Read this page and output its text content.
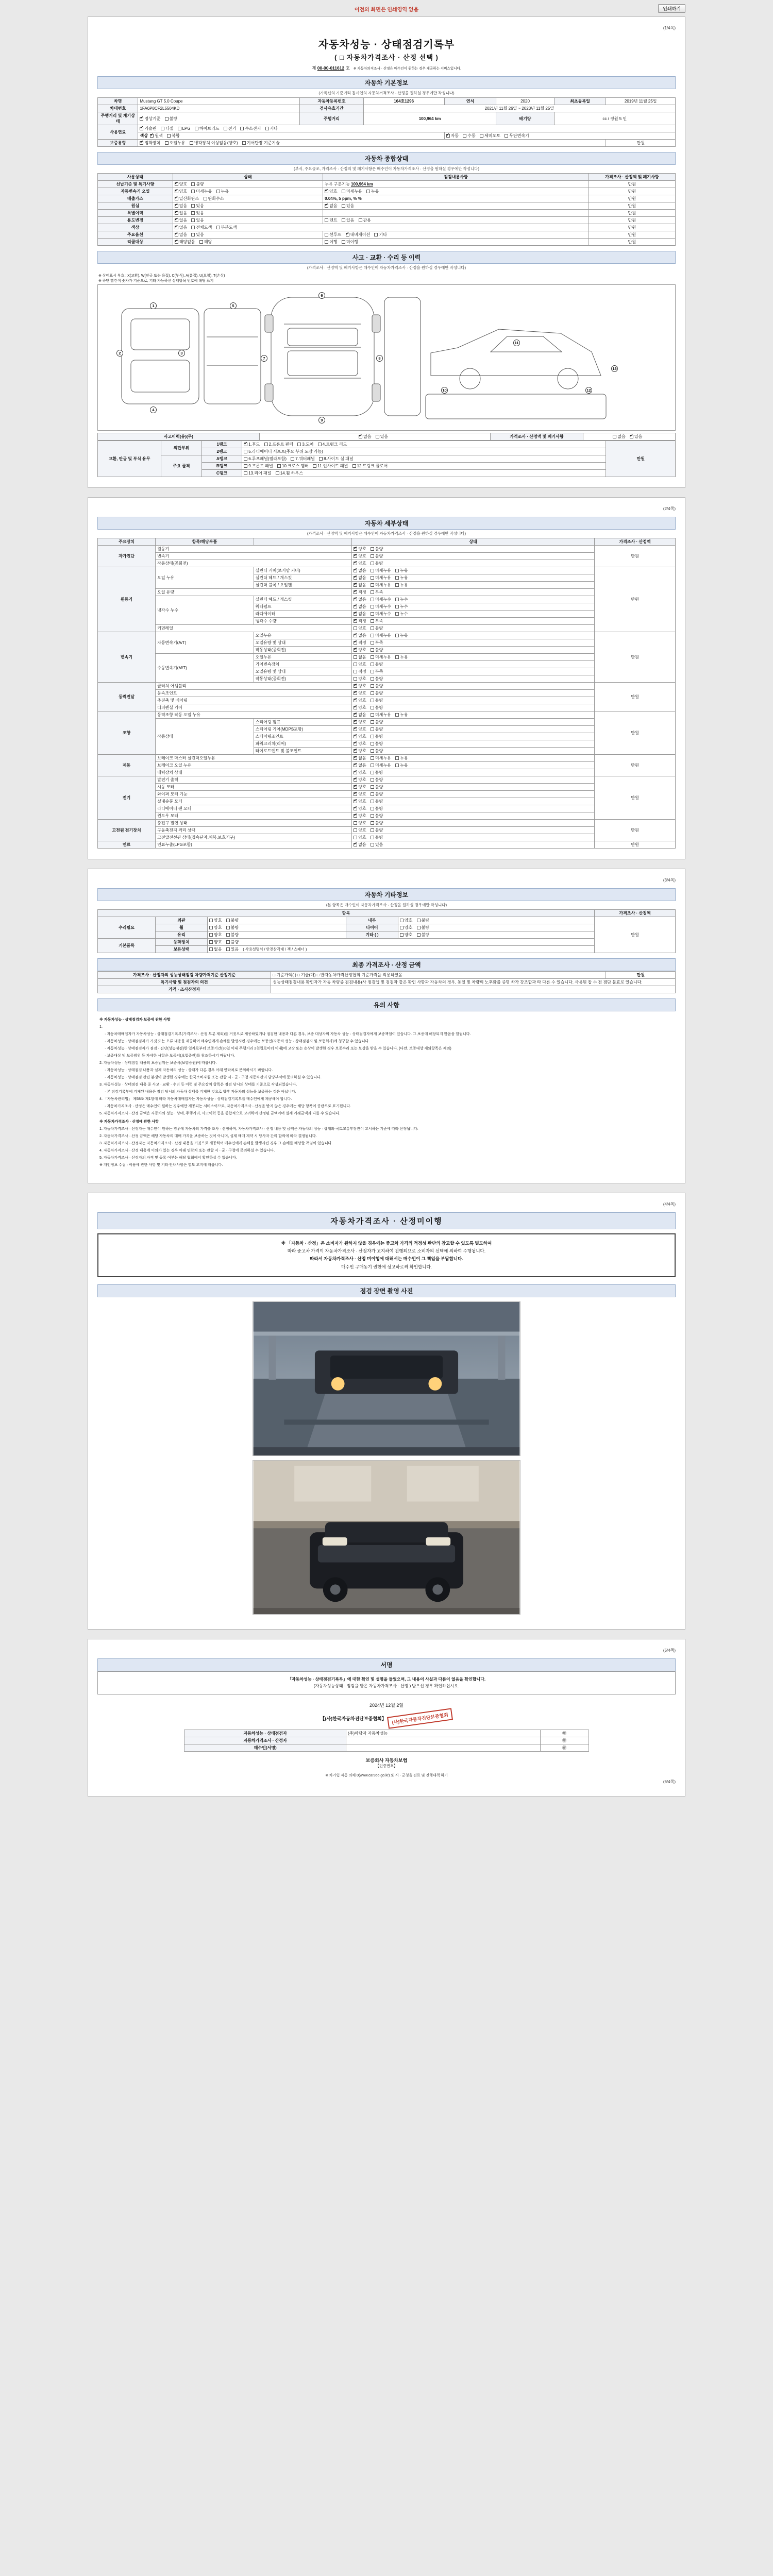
이전의 화면은 인쇄영역 없음	인쇄하기
(1/4쪽)
자동차성능 · 상태점검기록부
( □ 자동차가격조사 · 산정 선택 )
제 00-00-011612 호 ※ 자동차의격조사 · 산정은 매수인이 원하는 경우 제공하는 서비스입니다.
자동차 기본정보
(가족신의 기준거리 돌시인의 자동차거격조사 · 산정을 원하실 경우에만 작성니다)
차명	Mustang GT 5.0 Coupe	자동차등록번호	164호1296	연식	2020	최초등록일	2019년 11월 25일
차대번호	1FA6P8CF2L5504KD	검사유효기간	2021년 11월 26일 ~ 2023년 11월 25일				
주행거리 및 계기상태	✔정상기준 불량	주행거리	100,964 km		배기량	cc / 정원 5 인	
사용연료	✔가솔린 디젤 LPG 하이브리드 전기 수소전지 기타
	색상 ✔ 원색 복합	✔자동 수동 세미오토 무단변속기
보증유형	✔점화장치 오일누유 냉각장치 이상없음(양호) 기어단장 기준기술						만원
자동차 종합상태
(부식, 주요골조, 가격조사 · 산정의 및 폐기사항은 매수인이 자동차가격조사 · 산정을 원하실 경우에만 작성니다)
사용상태	상태	점검내용사항	가격조사 · 산정액 및 폐기사항
선납기준 및 특기사항	✔양호 불량	누유 구분기능 100,964 km	만원
자동변속기 오일	✔양호 미세누유 누유	✔양호 미세누유 누유	만원
배출가스	✔일산화탄소 탄화수소	0.04%, 5 ppm, % %	만원
원심	✔없음 있음	✔없음 있음	만원
특별이력	✔없음 있음		만원
용도변경	✔없음 있음	렌트 있음 관용	만원
색상	✔없음 전체도색 부분도색		만원
주요옵션	✔없음 있음	선루프 ✔ 내비게이션 기타	만원
리콜대상	✔해당없음 해당	이행 미이행	만원
사고 · 교환 · 수리 등 이력
(가격조사 · 산정액 및 폐기사항은 매수인이 자동차가격조사 · 산정을 원하실 경우에만 작성니다)
※ 상태표시 부호 : X(교환), W(판금 또는 용접), C(부식), A(흠집), U(요철), T(손상)
※ 하단 빨간색 숫자가 기준으로, 기타 가능하신 상태항목 번호에 해당 표기
1
2	3
4
5
6
7	8
9
10
11
12
13
사고이력(유)(무)	✔없음 있음	가격조사 · 산정액 및 폐기사항	없음 ✔ 있음
교환, 판금 및 부식 유무	외판부위	1랭크	✔1.후드 2.프론트 펜더 3.도어 4.트렁크 리드	만원
		2랭크	5.라디에이터 서포트(주요 부위 도장 가능)	
	주요 골격	A랭크	6.루프패널(필라포함) 7.쿼터패널 8.사이드 실 패널	
		B랭크	9.프론트 패널 10.크로스 멤버 11.인사이드 패널 12.트렁크 플로어	
		C랭크	13.리어 패널 14.휠 하우스	
(2/4쪽)
자동차 세부상태
(가격조사 · 산정액 및 폐기사항은 매수인이 자동차가격조사 · 산정을 원하실 경우에만 작성니다)
주요장치	항목/해당부품		상태	가격조사 · 산정액
자가진단	원동기	✔양호 불량	만원
	변속기	✔양호 불량
	작동상태(공회전)	✔양호 불량
원동기	오일 누유	실린더 커버(로커암 커버)	✔없음 미세누유 누유	만원
		실린더 헤드 / 개스킷	✔없음 미세누유 누유
		실린더 블록 / 오일팬	✔없음 미세누유 누유
	오일 유량	✔적정 부족
	냉각수 누수	실린더 헤드 / 개스킷	✔없음 미세누수 누수
		워터펌프	✔없음 미세누수 누수
		라디에이터	✔없음 미세누수 누수
		냉각수 수량	✔적정 부족
	커먼레일		양호 불량	
변속기	자동변속기(A/T)	오일누유	✔없음 미세누유 누유	만원
		오일유량 및 상태	✔적정 부족
		작동상태(공회전)	✔양호 불량
	수동변속기(M/T)	오일누유	없음 미세누유 누유	
		기어변속장치	양호 불량	
		오일유량 및 상태	적정 부족	
		작동상태(공회전)	양호 불량	
동력전달	클러치 어셈블리	✔양호 불량	만원
	등속조인트	✔양호 불량
	추진축 및 베어링	✔양호 불량
	디퍼렌셜 기어	✔양호 불량
조향	동력조향 작동 오일 누유	✔없음 미세누유 누유	만원
	작동상태	스티어링 펌프	✔양호 불량
		스티어링 기어(MDPS포함)	✔양호 불량
		스티어링조인트	✔양호 불량
		파워크러치(리어)	✔양호 불량
		타이로드엔드 및 볼조인트	✔양호 불량
제동	브레이크 마스터 실린더오일누유	✔없음 미세누유 누유	만원
	브레이크 오일 누유	✔없음 미세누유 누유
	배력장치 상태	✔양호 불량
전기	발전기 출력	✔양호 불량	만원
	시동 모터	✔양호 불량
	와이퍼 모터 기능	✔양호 불량
	실내송풍 모터	✔양호 불량
	라디에이터 팬 모터	✔양호 불량
	윈도우 모터	✔양호 불량
고전원 전기장치	충전구 절연 상태		양호 불량	만원
	구동축전지 격리 상태		양호 불량	
	고전압전선관 상태(접속단자,피복,보호기구)		양호 불량	
연료	연료누출(LPG포함)	✔없음 있음	만원
(3/4쪽)
자동차 기타정보
(본 항목은 매수인이 자동차가격조사 · 산정을 원하실 경우에만 작성니다)
항목					가격조사 · 산정액
수리필요	외관	양호 불량	내부	양호 불량	만원
	휠	양호 불량	타이어	양호 불량	
	유리	양호 불량	기타 ( )	양호 불량	
기본품목	등화장치	양호 불량			
	보유상태	없음 있음 ( 사용설명서 / 안전삼각대 / 잭 / 스패너 )			
최종 가격조사 · 산정 금액
가격조사 · 산정자의 성능상태점검 차량가격기준 산정기준	□ 기준가액( ) □ 기술(매) □ 반자동차가격산정협회 기준가격을 적용하였음	만원
특기사항 및 점검자의 의견	성능상태점검내용 확인자가 자동 차량증 검검내용(사 점검앱 및 검검과 같은 확인 사항과 자동차의 경우, 동일 및 차량의 노후화를 증명 차가 강조합과 타 다른 수 있습니다. 사용된 잡 수 전 점단 불효로 있습니다.	
가격 · 조사산정자		
유의 사항

※ 자동차성능 · 상태점검자 보증에 관한 사항

1.

· 자동차매매업자가 자동차성능 · 상태점검기록부(가격조사 · 산정 부분 제외)를 거짓으로 제공하였거나 점검한 내용과 다른 경우, 보증 대상자의 자동차 성능 · 상태점검자에게 보증책임이 있습니다. 그 보증에 해당되지 않음을 알립니다.

· 자동차성능 · 상태점검자가 거짓 또는 오류 내용을 제공하여 매수인에게 손해를 발생시킨 경우에는 보증인(자동차 성능 · 상태점검자 및 보험회사)에 청구할 수 있습니다.

· 자동차성능 · 상태점검자가 점검 · 진단(성능점검)한 일자로부터 보증기간(30일 이내 주행거리 2천킬로미터 이내)에 고장 또는 손상이 발생한 경우 보증수리 또는 보상을 받을 수 있습니다. (다만, 보증대상 제외항목은 제외)

· 보증대상 및 보증범위 등 자세한 사항은 보증서(보험증권)를 참조하시기 바랍니다.

2. 자동차성능 · 상태점검 내용의 보증범위는 보증서(보험증권)에 따릅니다.

· 자동차성능 · 상태점검 내용과 실제 자동차의 성능 · 상태가 다른 경우 아래 연락처로 문의하시기 바랍니다.

· 자동차성능 · 상태점검 관련 분쟁이 발생한 경우에는 한국소비자원 또는 관할 시 · 군 · 구청 자동차관리 담당부서에 문의하실 수 있습니다.

3. 자동차성능 · 상태점검 내용 중 사고 · 교환 · 수리 등 이력 및 주요장치 항목은 점검 당시의 상태를 기준으로 작성되었습니다.

· 본 점검기록부에 기재된 내용은 점검 당시의 자동차 상태를 기재한 것으로 향후 자동차의 성능을 보증하는 것은 아닙니다.

4. 「자동차관리법」 제58조 제1항에 따라 자동차매매업자는 자동차성능 · 상태점검기록부를 매수인에게 제공해야 합니다.

· 자동차가격조사 · 산정은 매수인이 원하는 경우에만 제공되는 서비스이므로, 자동차가격조사 · 산정을 받지 않은 경우에는 해당 항목이 공란으로 표기됩니다.

5. 자동차가격조사 · 산정 금액은 자동차의 성능 · 상태, 주행거리, 사고이력 등을 종합적으로 고려하여 산정된 금액이며 실제 거래금액과 다를 수 있습니다.

※ 자동차가격조사 · 산정에 관한 사항

1. 자동차가격조사 · 산정자는 매수인이 원하는 경우에 자동차의 가격을 조사 · 산정하며, 자동차가격조사 · 산정 내용 및 금액은 자동차의 성능 · 상태와 국토교통부장관이 고시하는 기준에 따라 산정됩니다.

2. 자동차가격조사 · 산정 금액은 해당 자동차의 매매 가격을 보증하는 것이 아니며, 실제 매매 계약 시 당사자 간의 합의에 따라 결정됩니다.

3. 자동차가격조사 · 산정자는 자동차가격조사 · 산정 내용을 거짓으로 제공하여 매수인에게 손해를 발생시킨 경우 그 손해를 배상할 책임이 있습니다.

4. 자동차가격조사 · 산정 내용에 이의가 있는 경우 아래 연락처 또는 관할 시 · 군 · 구청에 문의하실 수 있습니다.

5. 자동차가격조사 · 산정자의 자격 및 등록 여부는 해당 협회에서 확인하실 수 있습니다.

※ 개인정보 수집 · 이용에 관한 사항 및 기타 안내사항은 별도 고지에 따릅니다.

(4/4쪽)
자동차가격조사 · 산정미이행
※ 「자동차 · 산정」은 소비자가 원하지 않을 경우에는 중고차 가격의 적정성 판단의 참고할 수 있도록 별도하여
따라 중고차 가격이 자동차가격조사 · 산정자가 고지하여 진행되므로 소비자의 선택에 의하여 수행됩니다.
따라서 자동차가격조사 · 산정 미이행에 대해서는 매수인이 그 책임을 부담합니다.
매수인 구매동기 권한에 성고하로써 확인합니다.
점검 장면 촬영 사진
(5/4쪽)
서명
「자동차성능 · 상태점검기록부」에 대한 확인 및 설명을 들었으며, 그 내용이 사실과 다름이 없음을 확인합니다.
(자동차성능상태 · 점검을 받은 자동차가격조사 · 산정 ) 받으신 경우 확인하십시오.
2024년 12월 2일
【(사)한국자동차진단보증협회】 (사)한국자동차진단보증협회
자동차성능 · 상태점검자	(주)마당자 자동차성능	㊞
자동차가격조사 · 산정자		㊞
매수인(서명)		㊞
보증회사 자동차보험
【인증번호】
※ 차가입 자동 의체 0(www.car365.go.kr) 또 시 · 군청을 진료 및 진행대책 하기
(6/4쪽)
